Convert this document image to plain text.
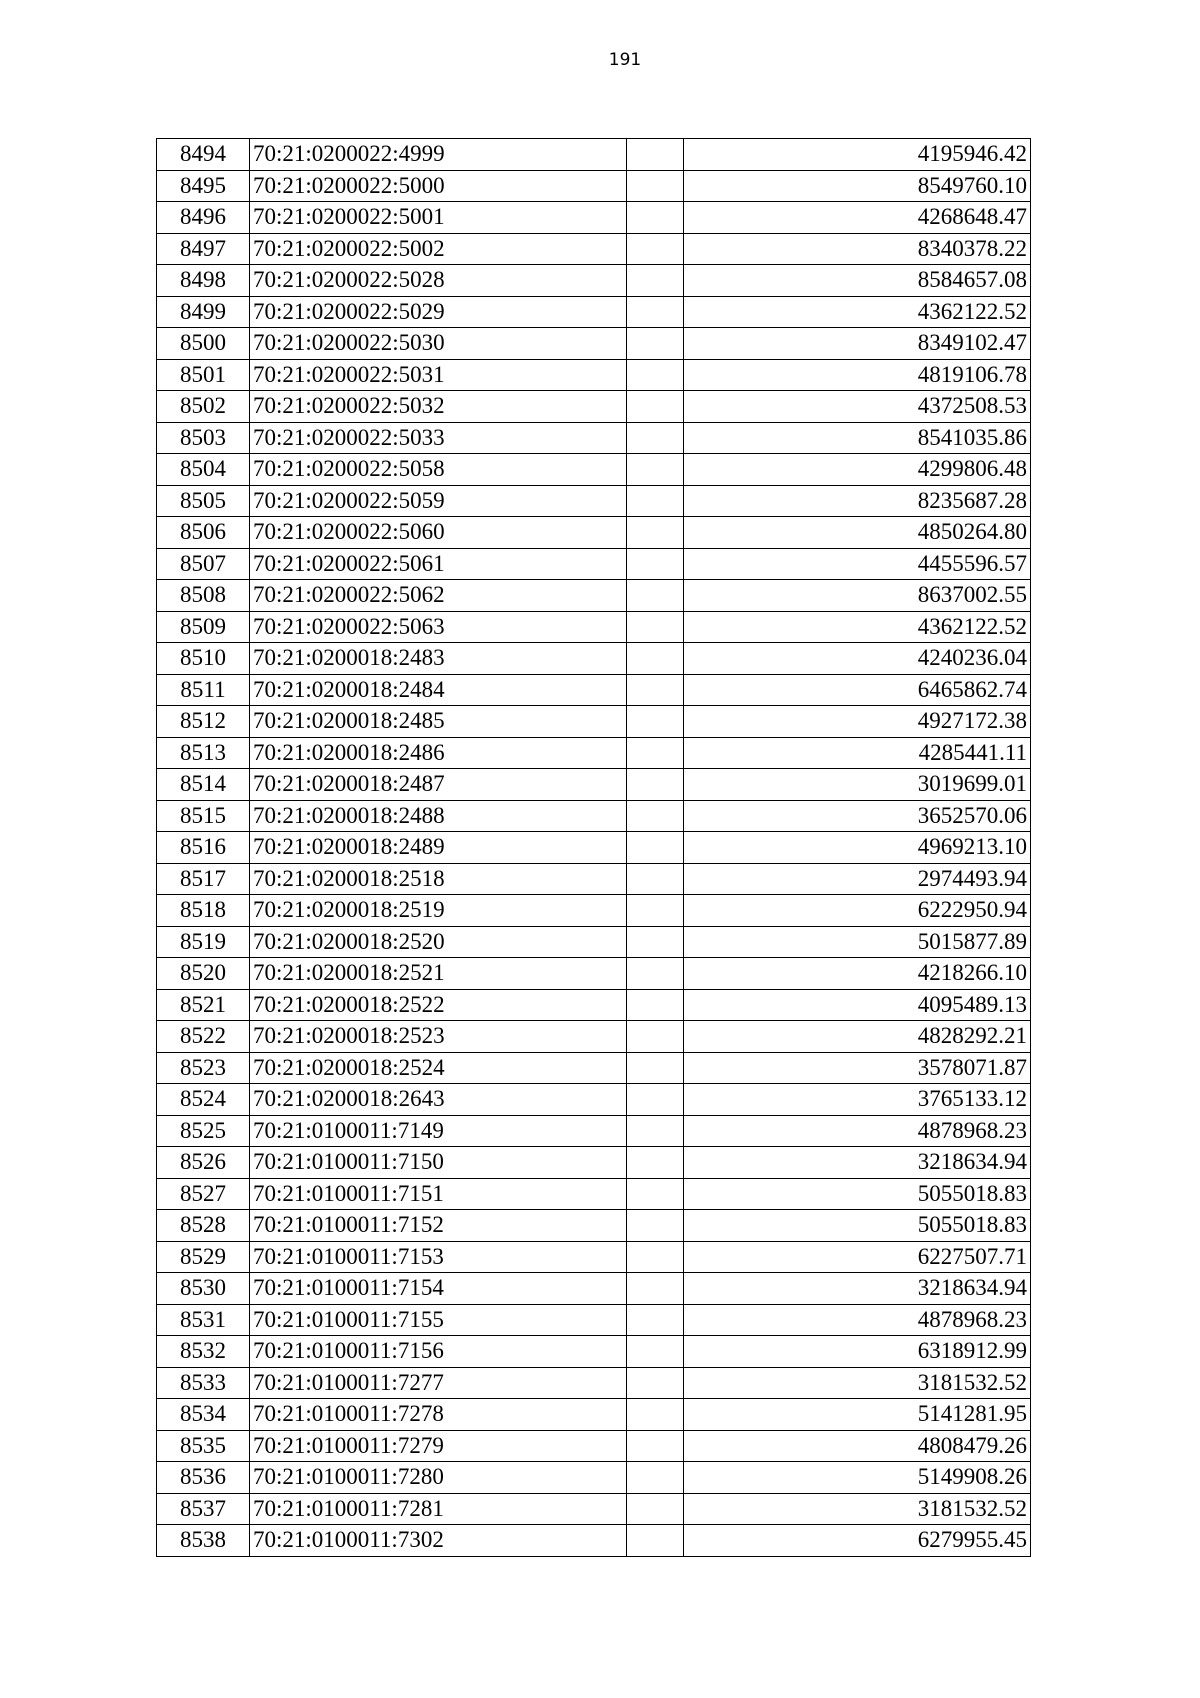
191
8494	70:21:0200022:4999		4195946.42
8495	70:21:0200022:5000		8549760.10
8496	70:21:0200022:5001		4268648.47
8497	70:21:0200022:5002		8340378.22
8498	70:21:0200022:5028		8584657.08
8499	70:21:0200022:5029		4362122.52
8500	70:21:0200022:5030		8349102.47
8501	70:21:0200022:5031		4819106.78
8502	70:21:0200022:5032		4372508.53
8503	70:21:0200022:5033		8541035.86
8504	70:21:0200022:5058		4299806.48
8505	70:21:0200022:5059		8235687.28
8506	70:21:0200022:5060		4850264.80
8507	70:21:0200022:5061		4455596.57
8508	70:21:0200022:5062		8637002.55
8509	70:21:0200022:5063		4362122.52
8510	70:21:0200018:2483		4240236.04
8511	70:21:0200018:2484		6465862.74
8512	70:21:0200018:2485		4927172.38
8513	70:21:0200018:2486		4285441.11
8514	70:21:0200018:2487		3019699.01
8515	70:21:0200018:2488		3652570.06
8516	70:21:0200018:2489		4969213.10
8517	70:21:0200018:2518		2974493.94
8518	70:21:0200018:2519		6222950.94
8519	70:21:0200018:2520		5015877.89
8520	70:21:0200018:2521		4218266.10
8521	70:21:0200018:2522		4095489.13
8522	70:21:0200018:2523		4828292.21
8523	70:21:0200018:2524		3578071.87
8524	70:21:0200018:2643		3765133.12
8525	70:21:0100011:7149		4878968.23
8526	70:21:0100011:7150		3218634.94
8527	70:21:0100011:7151		5055018.83
8528	70:21:0100011:7152		5055018.83
8529	70:21:0100011:7153		6227507.71
8530	70:21:0100011:7154		3218634.94
8531	70:21:0100011:7155		4878968.23
8532	70:21:0100011:7156		6318912.99
8533	70:21:0100011:7277		3181532.52
8534	70:21:0100011:7278		5141281.95
8535	70:21:0100011:7279		4808479.26
8536	70:21:0100011:7280		5149908.26
8537	70:21:0100011:7281		3181532.52
8538	70:21:0100011:7302		6279955.45
